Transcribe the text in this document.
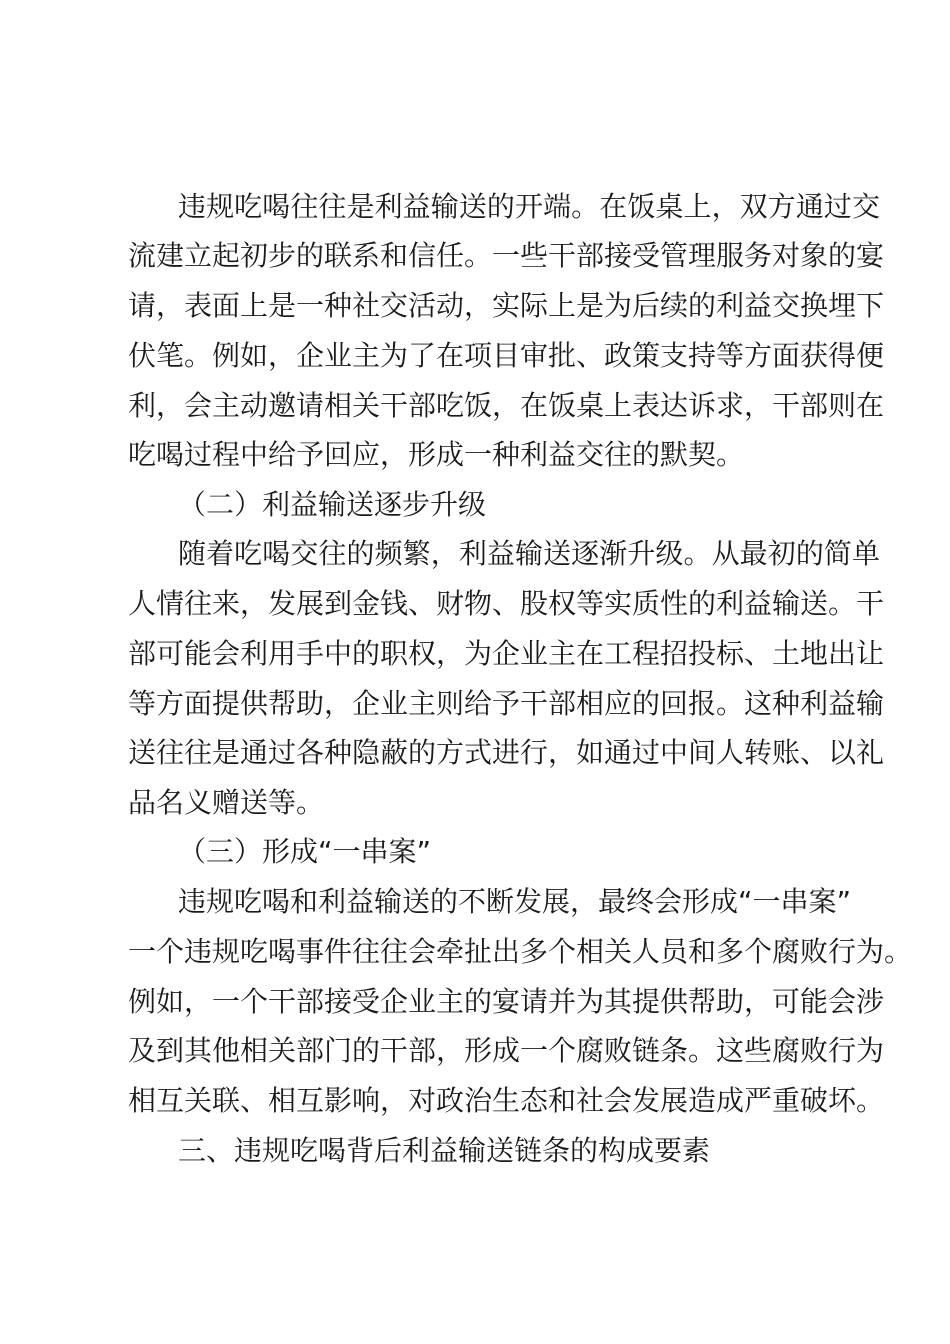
违规吃喝往往是利益输送的开端。在饭桌上，双方通过交

流建立起初步的联系和信任。一些干部接受管理服务对象的宴

请，表面上是一种社交活动，实际上是为后续的利益交换埋下

伏笔。例如，企业主为了在项目审批、政策支持等方面获得便

利，会主动邀请相关干部吃饭，在饭桌上表达诉求，干部则在

吃喝过程中给予回应，形成一种利益交往的默契。

（二）利益输送逐步升级

随着吃喝交往的频繁，利益输送逐渐升级。从最初的简单

人情往来，发展到金钱、财物、股权等实质性的利益输送。干

部可能会利用手中的职权，为企业主在工程招投标、土地出让

等方面提供帮助，企业主则给予干部相应的回报。这种利益输

送往往是通过各种隐蔽的方式进行，如通过中间人转账、以礼

品名义赠送等。

（三）形成“一串案”

违规吃喝和利益输送的不断发展，最终会形成“一串案”

一个违规吃喝事件往往会牵扯出多个相关人员和多个腐败行为。

例如，一个干部接受企业主的宴请并为其提供帮助，可能会涉

及到其他相关部门的干部，形成一个腐败链条。这些腐败行为

相互关联、相互影响，对政治生态和社会发展造成严重破坏。

三、违规吃喝背后利益输送链条的构成要素
